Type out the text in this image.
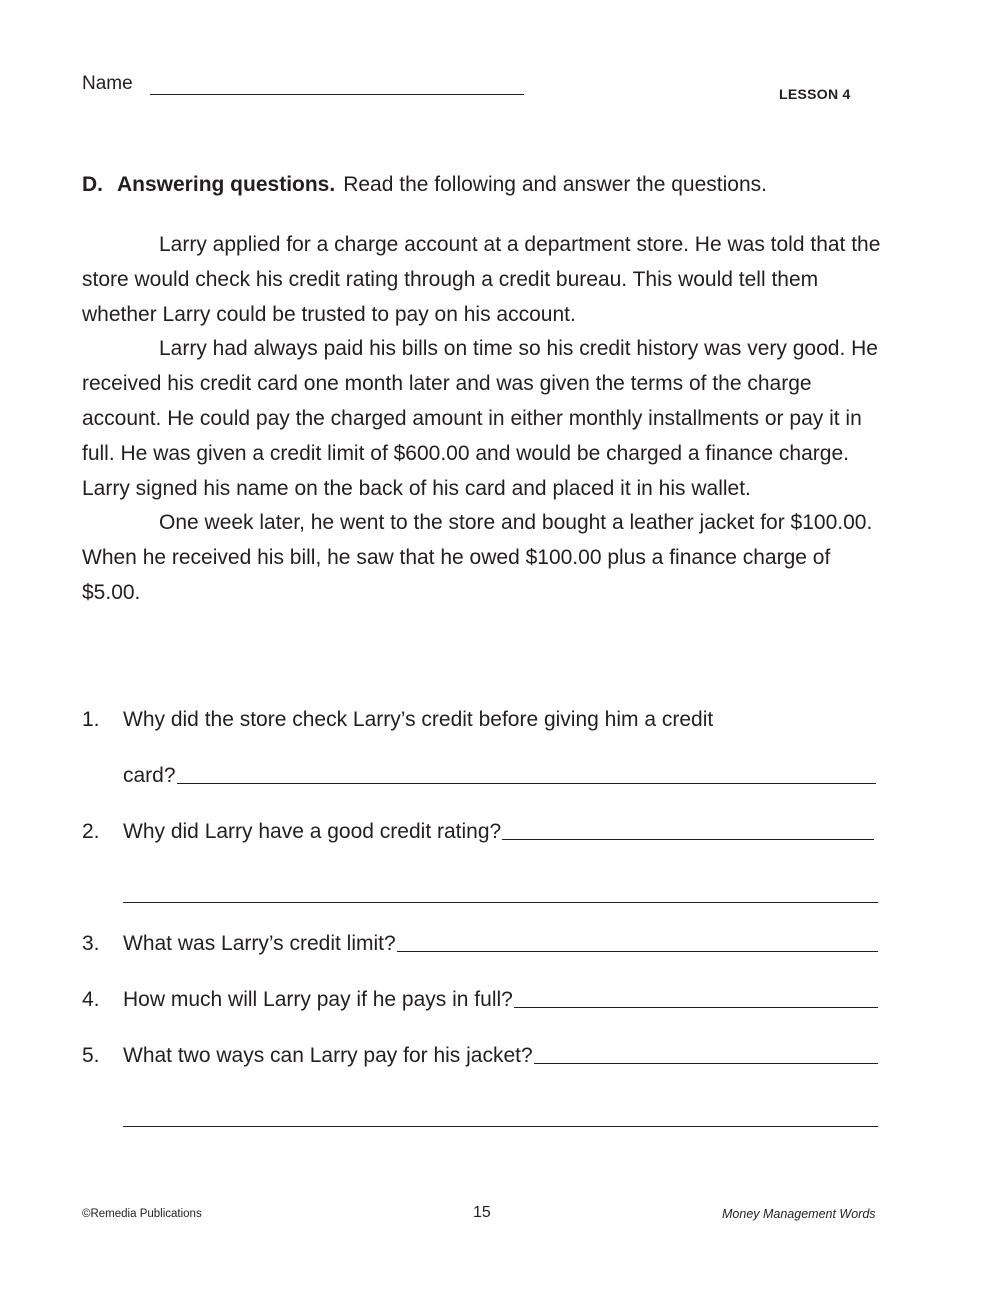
Name	LESSON 4
D. Answering questions. Read the following and answer the questions.

Larry applied for a charge account at a department store. He was told that the store would check his credit rating through a credit bureau. This would tell them whether Larry could be trusted to pay on his account.

Larry had always paid his bills on time so his credit history was very good. He received his credit card one month later and was given the terms of the charge account. He could pay the charged amount in either monthly installments or pay it in full. He was given a credit limit of $600.00 and would be charged a finance charge. Larry signed his name on the back of his card and placed it in his wallet.

One week later, he went to the store and bought a leather jacket for $100.00. When he received his bill, he saw that he owed $100.00 plus a finance charge of $5.00.

1. Why did the store check Larry’s credit before giving him a credit
card?
2. Why did Larry have a good credit rating?
3. What was Larry’s credit limit?
4. How much will Larry pay if he pays in full?
5. What two ways can Larry pay for his jacket?
©Remedia Publications	15	Money Management Words
